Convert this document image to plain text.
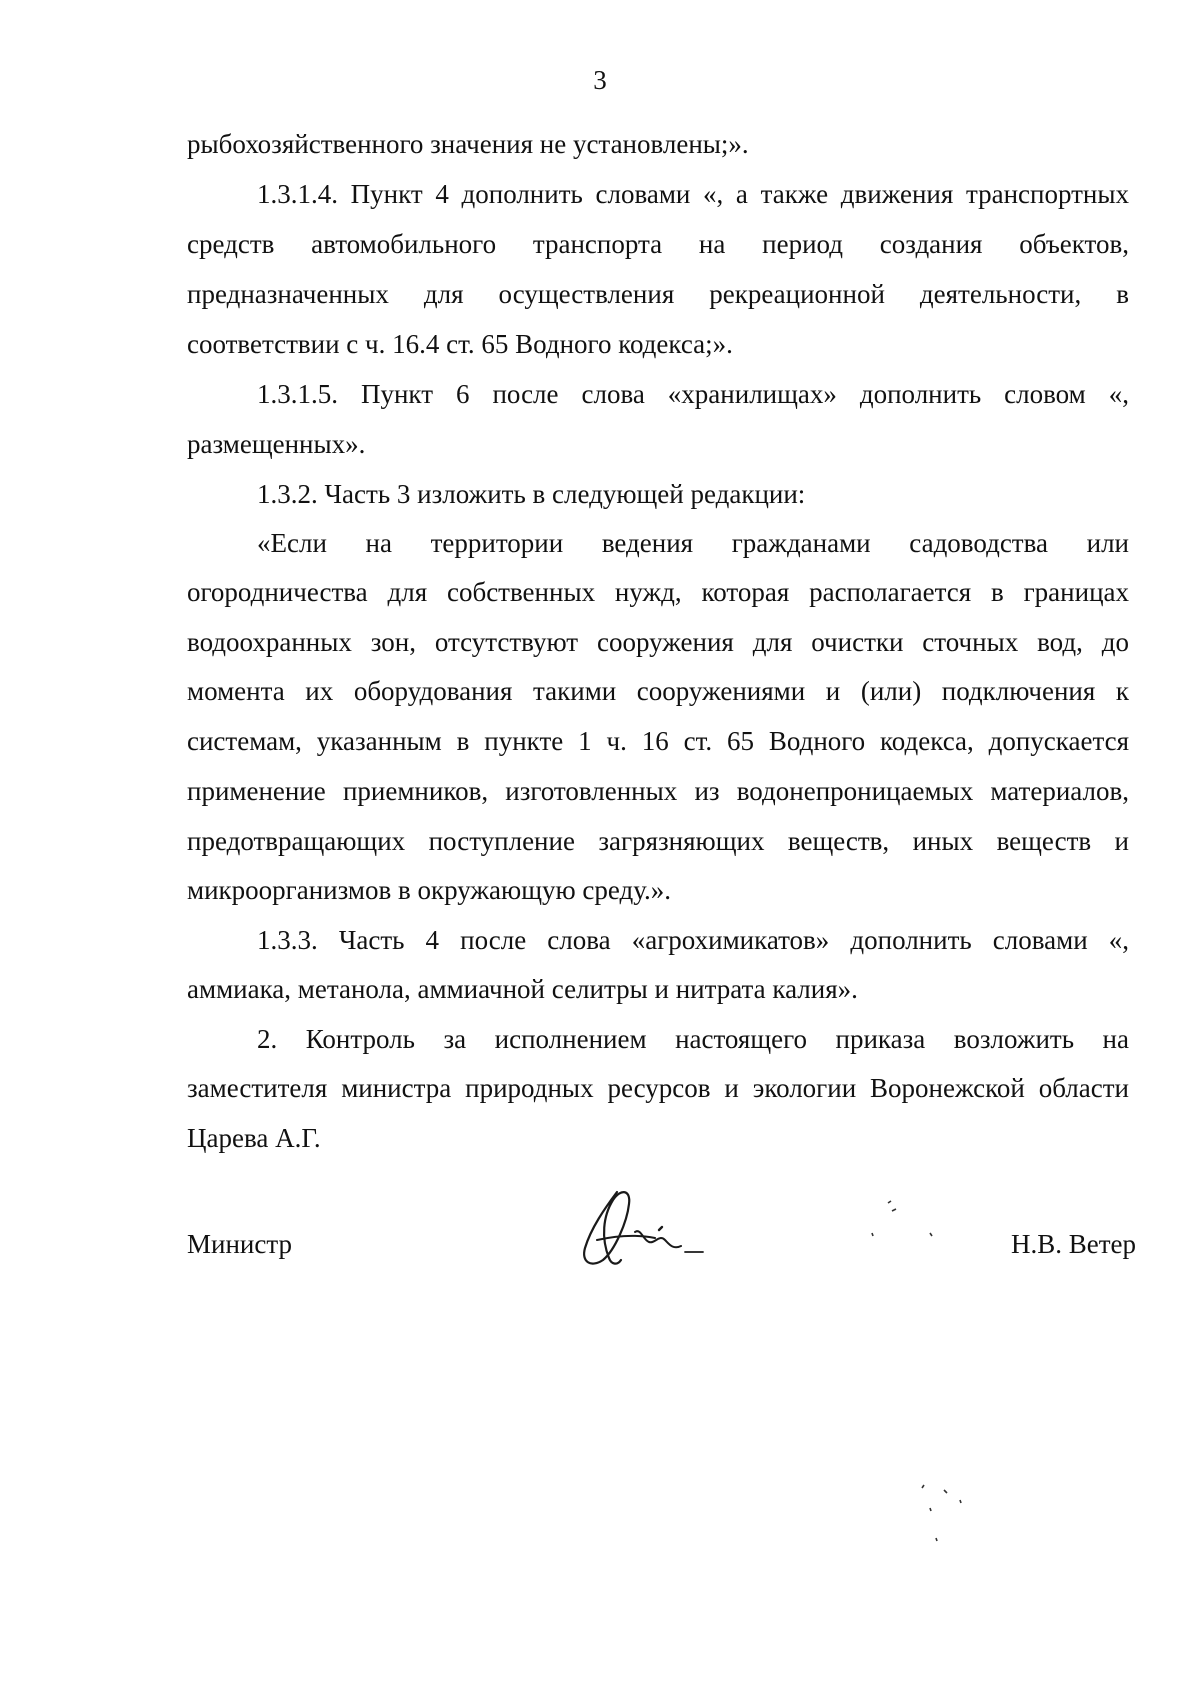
3
рыбохозяйственного значения не установлены;».
1.3.1.4. Пункт 4 дополнить словами «, а также движения транспортных
средств автомобильного транспорта на период создания объектов,
предназначенных для осуществления рекреационной деятельности, в
соответствии с ч. 16.4 ст. 65 Водного кодекса;».
1.3.1.5. Пункт 6 после слова «хранилищах» дополнить словом «,
размещенных».
1.3.2. Часть 3 изложить в следующей редакции:
«Если на территории ведения гражданами садоводства или
огородничества для собственных нужд, которая располагается в границах
водоохранных зон, отсутствуют сооружения для очистки сточных вод, до
момента их оборудования такими сооружениями и (или) подключения к
системам, указанным в пункте 1 ч. 16 ст. 65 Водного кодекса, допускается
применение приемников, изготовленных из водонепроницаемых материалов,
предотвращающих поступление загрязняющих веществ, иных веществ и
микроорганизмов в окружающую среду.».
1.3.3. Часть 4 после слова «агрохимикатов» дополнить словами «,
аммиака, метанола, аммиачной селитры и нитрата калия».
2. Контроль за исполнением настоящего приказа возложить на
заместителя министра природных ресурсов и экологии Воронежской области
Царева А.Г.
Министр	Н.В. Ветер
